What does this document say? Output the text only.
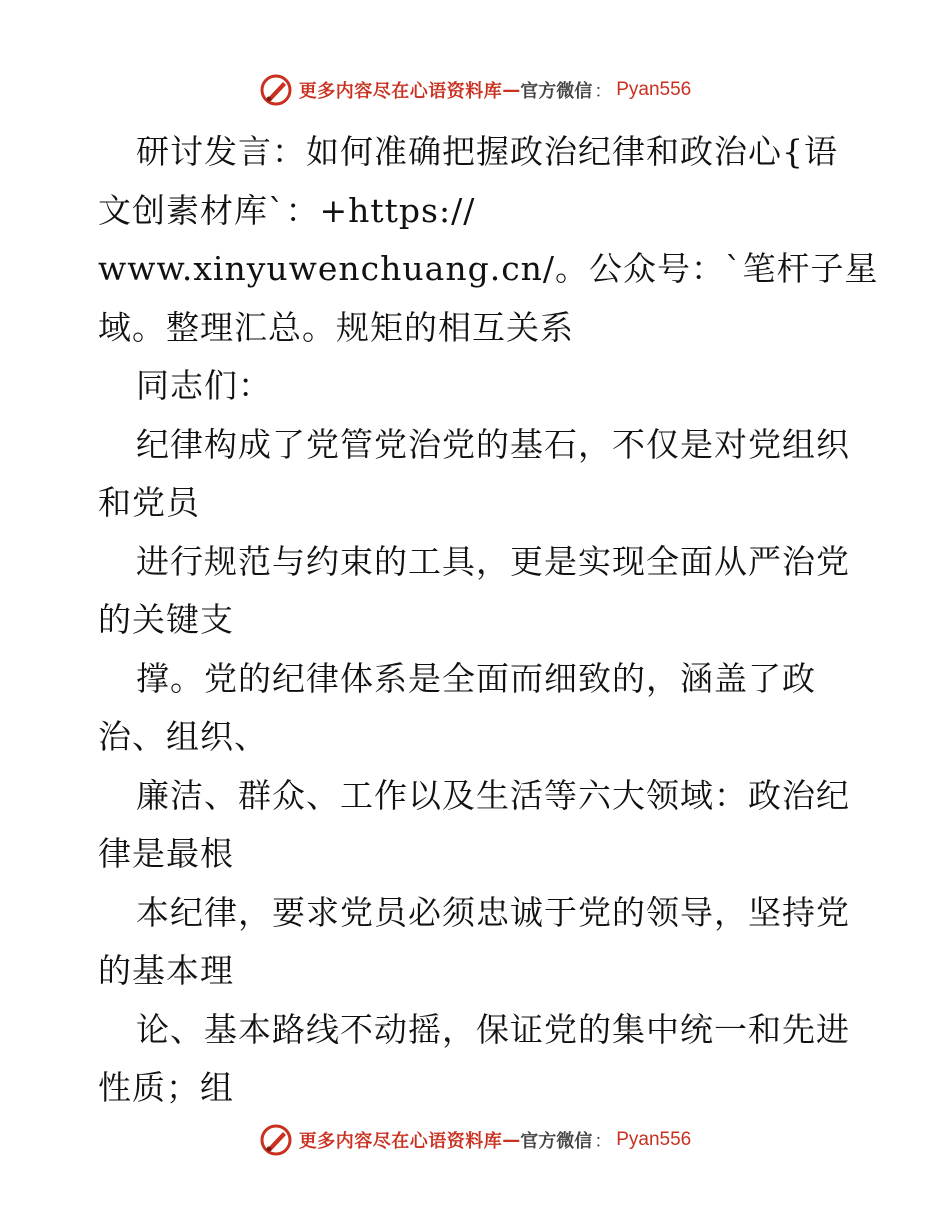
更多内容尽在心语资料库 — 官方微信 ： Pyan556
研讨发言：如何准确把握政治纪律和政治心{语
文创素材库`：+https://
www.xinyuwenchuang.cn/。公众号：`笔杆子星
域。整理汇总。规矩的相互关系
同志们：
纪律构成了党管党治党的基石，不仅是对党组织
和党员
进行规范与约束的工具，更是实现全面从严治党
的关键支
撑。党的纪律体系是全面而细致的，涵盖了政
治、组织、
廉洁、群众、工作以及生活等六大领域：政治纪
律是最根
本纪律，要求党员必须忠诚于党的领导，坚持党
的基本理
论、基本路线不动摇，保证党的集中统一和先进
性质；组
更多内容尽在心语资料库 — 官方微信 ： Pyan556
